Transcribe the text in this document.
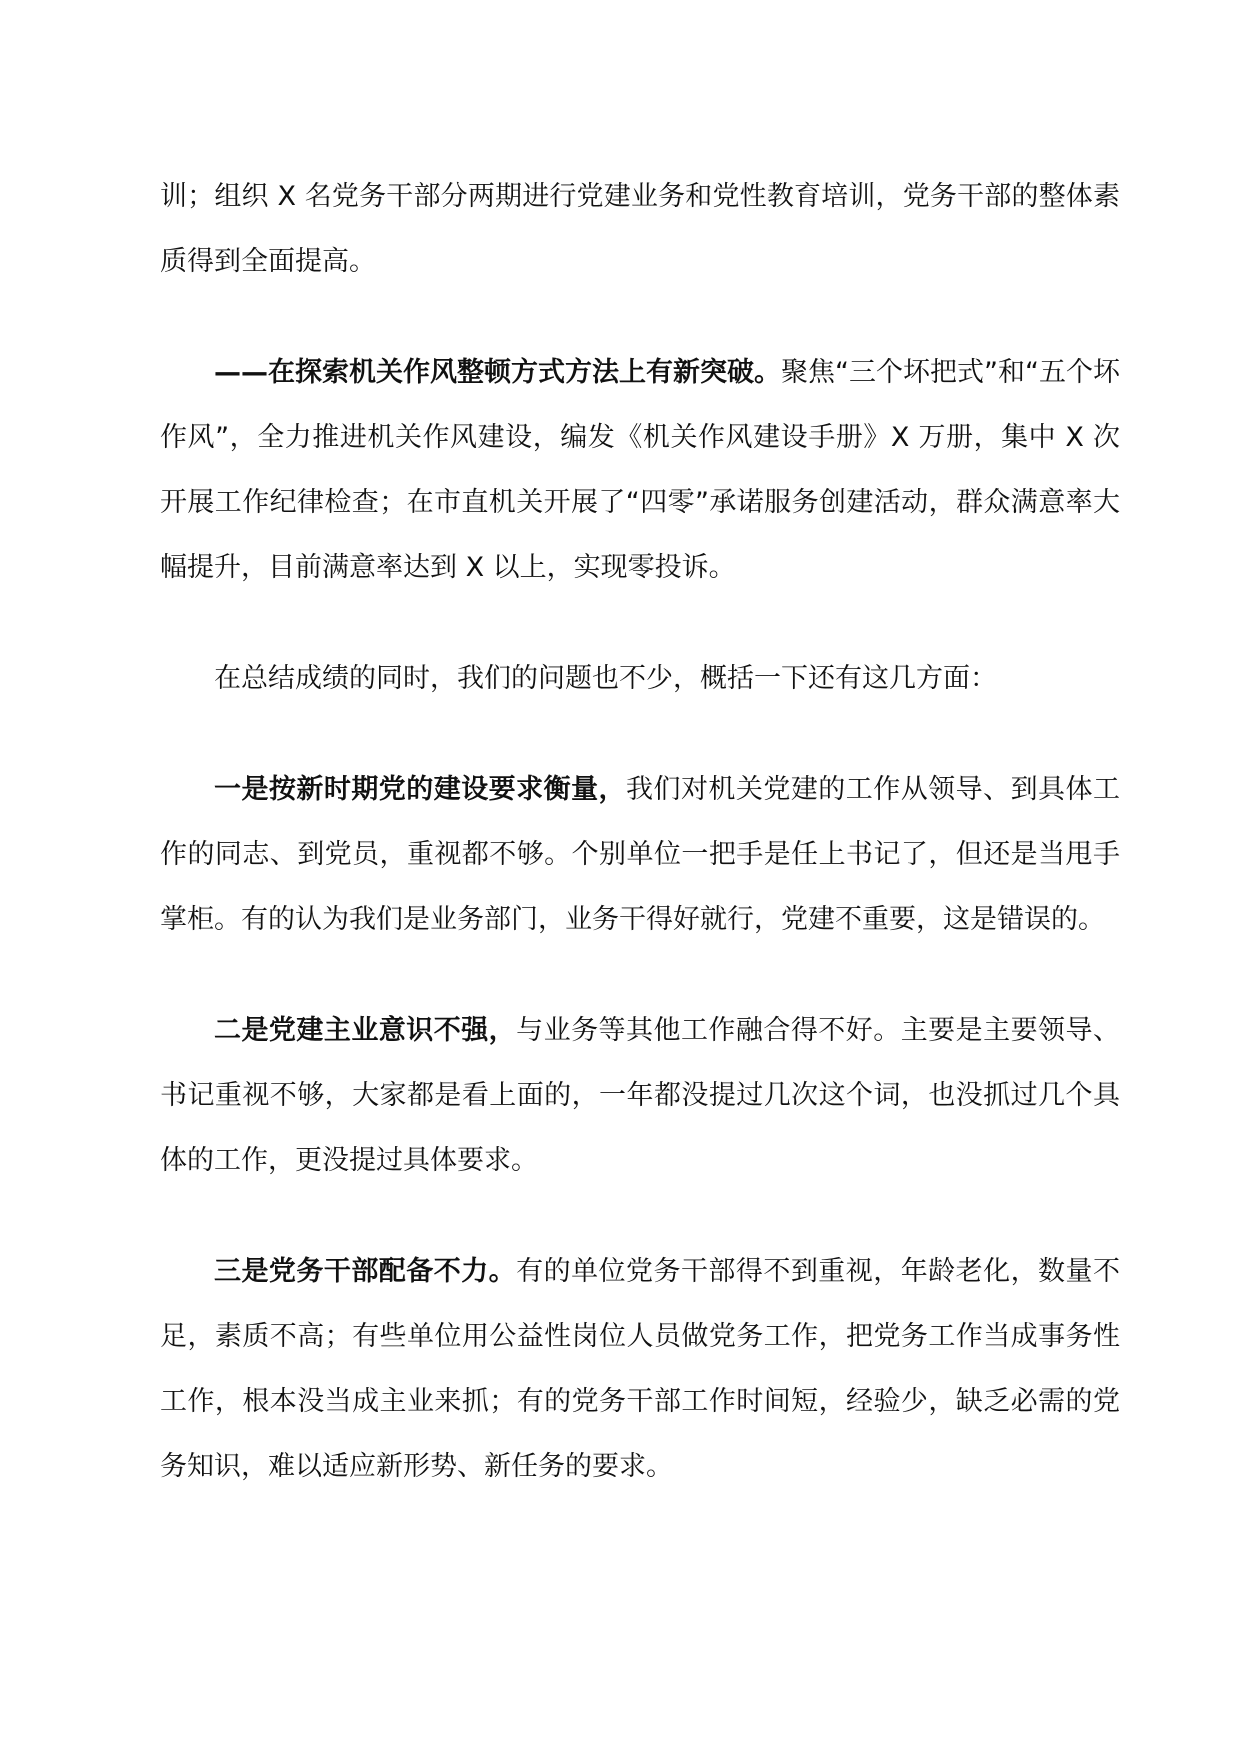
训；组织 X 名党务干部分两期进行党建业务和党性教育培训，党务干部的整体素质得到全面提高。

——在探索机关作风整顿方式方法上有新突破。聚焦“三个坏把式”和“五个坏作风”，全力推进机关作风建设，编发《机关作风建设手册》X 万册，集中 X 次开展工作纪律检查；在市直机关开展了“四零”承诺服务创建活动，群众满意率大幅提升，目前满意率达到 X 以上，实现零投诉。

在总结成绩的同时，我们的问题也不少，概括一下还有这几方面：

一是按新时期党的建设要求衡量，我们对机关党建的工作从领导、到具体工作的同志、到党员，重视都不够。个别单位一把手是任上书记了，但还是当甩手掌柜。有的认为我们是业务部门，业务干得好就行，党建不重要，这是错误的。

二是党建主业意识不强，与业务等其他工作融合得不好。主要是主要领导、书记重视不够，大家都是看上面的，一年都没提过几次这个词，也没抓过几个具体的工作，更没提过具体要求。

三是党务干部配备不力。有的单位党务干部得不到重视，年龄老化，数量不足，素质不高；有些单位用公益性岗位人员做党务工作，把党务工作当成事务性工作，根本没当成主业来抓；有的党务干部工作时间短，经验少，缺乏必需的党务知识，难以适应新形势、新任务的要求。
